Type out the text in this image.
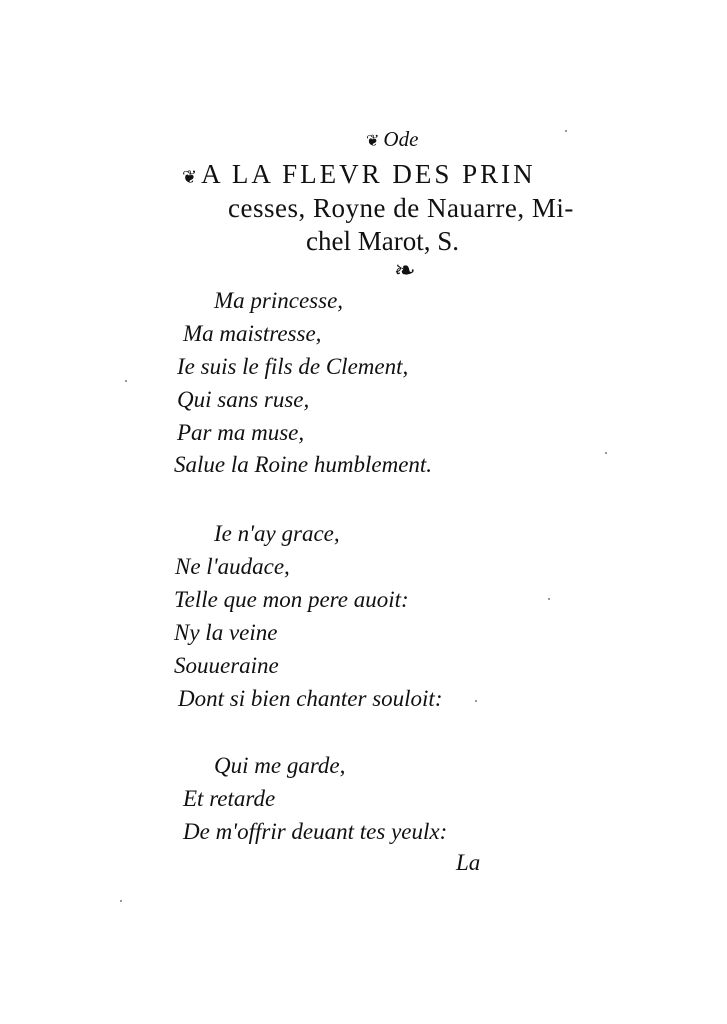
❦ Ode
❦ A LA FLEVR DES PRIN
cesses, Royne de Nauarre, Mi-
chel Marot, S.
❧
Ma princesse,
Ma maistresse,
Ie suis le fils de Clement,
Qui sans ruse,
Par ma muse,
Salue la Roine humblement.
Ie n'ay grace,
Ne l'audace,
Telle que mon pere auoit:
Ny la veine
Souueraine
Dont si bien chanter souloit:
Qui me garde,
Et retarde
De m'offrir deuant tes yeulx:
La
